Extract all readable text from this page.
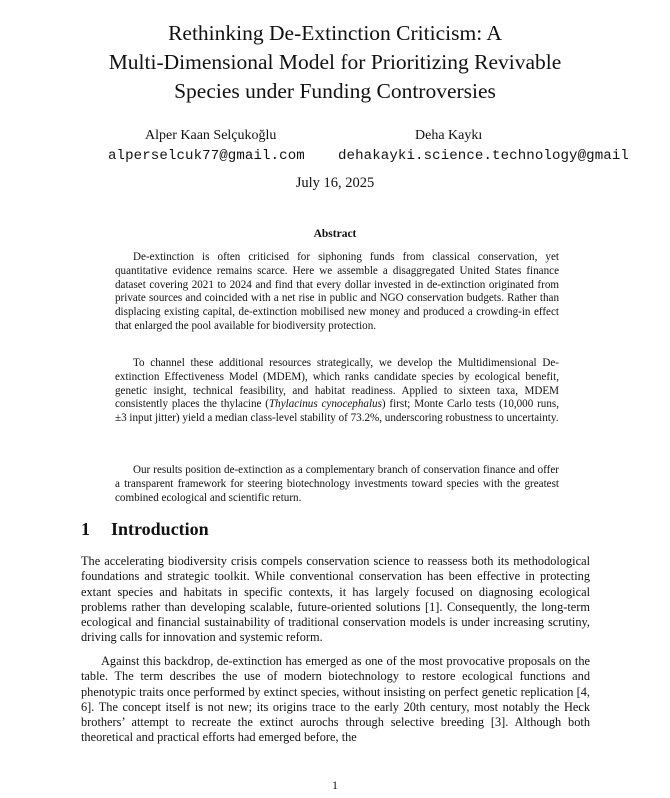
Rethinking De-Extinction Criticism: A
Multi-Dimensional Model for Prioritizing Revivable
Species under Funding Controversies
Alper Kaan Selçukoğlu	Deha Kaykı
alperselcuk77@gmail.com dehakayki.science.technology@gmail
July 16, 2025
Abstract

De-extinction is often criticised for siphoning funds from classical conservation, yet quantitative evidence remains scarce. Here we assemble a disaggregated United States finance dataset covering 2021 to 2024 and find that every dollar invested in de-extinction originated from private sources and coincided with a net rise in public and NGO conservation budgets. Rather than displacing existing capital, de-extinction mobilised new money and produced a crowding-in effect that enlarged the pool available for biodiversity protection.

To channel these additional resources strategically, we develop the Multidimensional De-extinction Effectiveness Model (MDEM), which ranks candidate species by ecological benefit, genetic insight, technical feasibility, and habitat readiness. Applied to sixteen taxa, MDEM consistently places the thylacine (Thylacinus cynocephalus) first; Monte Carlo tests (10,000 runs, ±3 input jitter) yield a median class-level stability of 73.2%, underscoring robustness to uncertainty.

Our results position de-extinction as a complementary branch of conservation finance and offer a transparent framework for steering biotechnology investments toward species with the greatest combined ecological and scientific return.

1 Introduction

The accelerating biodiversity crisis compels conservation science to reassess both its methodological foundations and strategic toolkit. While conventional conservation has been effective in protecting extant species and habitats in specific contexts, it has largely focused on diagnosing ecological problems rather than developing scalable, future-oriented solutions [1]. Consequently, the long-term ecological and financial sustainability of traditional conservation models is under increasing scrutiny, driving calls for innovation and systemic reform.

Against this backdrop, de-extinction has emerged as one of the most provocative proposals on the table. The term describes the use of modern biotechnology to restore ecological functions and phenotypic traits once performed by extinct species, without insisting on perfect genetic replication [4, 6]. The concept itself is not new; its origins trace to the early 20th century, most notably the Heck brothers’ attempt to recreate the extinct aurochs through selective breeding [3]. Although both theoretical and practical efforts had emerged before, the

1
